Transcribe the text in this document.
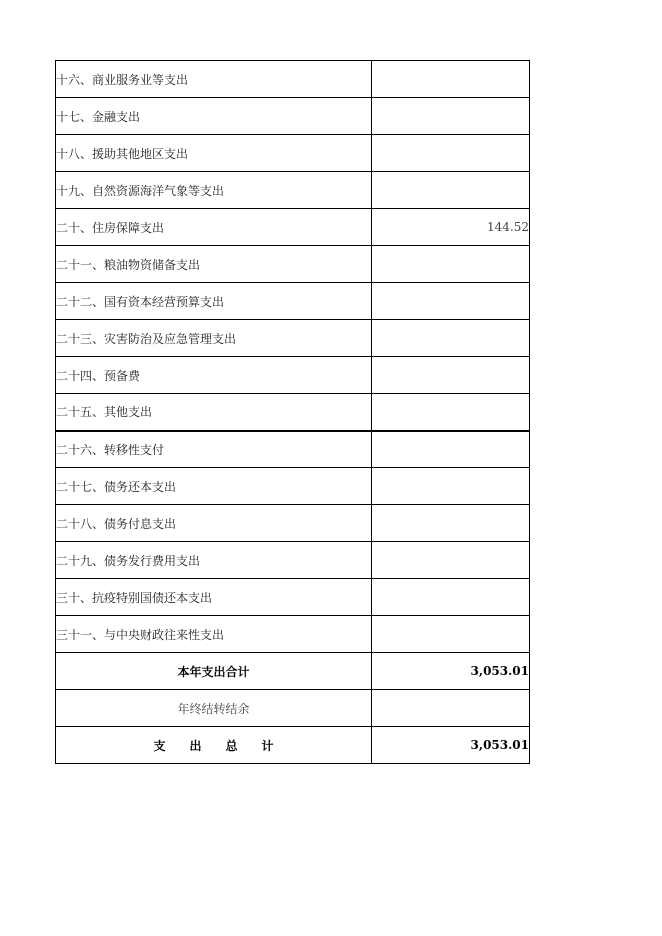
十六、商业服务业等支出	
十七、金融支出	
十八、援助其他地区支出	
十九、自然资源海洋气象等支出	
二十、住房保障支出	144.52
二十一、粮油物资储备支出	
二十二、国有资本经营预算支出	
二十三、灾害防治及应急管理支出	
二十四、预备费	
二十五、其他支出	
二十六、转移性支付	
二十七、债务还本支出	
二十八、债务付息支出	
二十九、债务发行费用支出	
三十、抗疫特别国债还本支出	
三十一、与中央财政往来性支出	
本年支出合计	3,053.01
年终结转结余	
支　　出　　总　　计	3,053.01
